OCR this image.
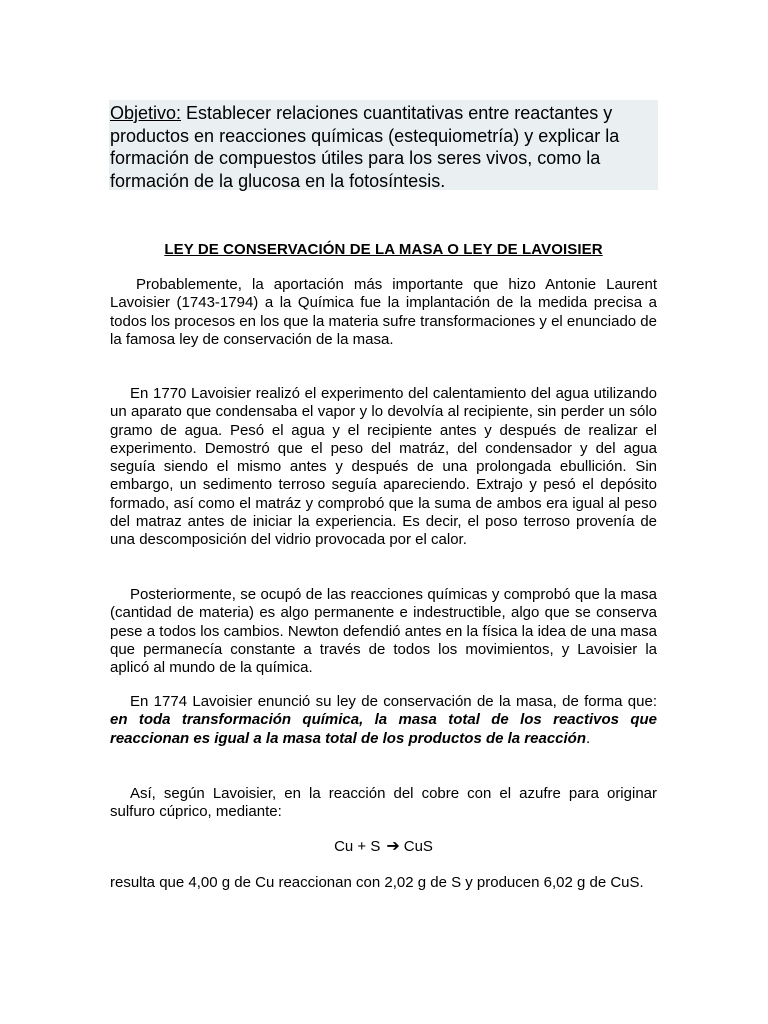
Objetivo: Establecer relaciones cuantitativas entre reactantes y productos en reacciones químicas (estequiometría) y explicar la formación de compuestos útiles para los seres vivos, como la formación de la glucosa en la fotosíntesis.
LEY DE CONSERVACIÓN DE LA MASA O LEY DE LAVOISIER
Probablemente, la aportación más importante que hizo Antonie Laurent Lavoisier (1743-1794) a la Química fue la implantación de la medida precisa a todos los procesos en los que la materia sufre transformaciones y el enunciado de la famosa ley de conservación de la masa.
En 1770 Lavoisier realizó el experimento del calentamiento del agua utilizando un aparato que condensaba el vapor y lo devolvía al recipiente, sin perder un sólo gramo de agua. Pesó el agua y el recipiente antes y después de realizar el experimento. Demostró que el peso del matráz, del condensador y del agua seguía siendo el mismo antes y después de una prolongada ebullición. Sin embargo, un sedimento terroso seguía apareciendo. Extrajo y pesó el depósito formado, así como el matráz y comprobó que la suma de ambos era igual al peso del matraz antes de iniciar la experiencia. Es decir, el poso terroso provenía de una descomposición del vidrio provocada por el calor.
Posteriormente, se ocupó de las reacciones químicas y comprobó que la masa (cantidad de materia) es algo permanente e indestructible, algo que se conserva pese a todos los cambios. Newton defendió antes en la física la idea de una masa que permanecía constante a través de todos los movimientos, y Lavoisier la aplicó al mundo de la química.
En 1774 Lavoisier enunció su ley de conservación de la masa, de forma que: en toda transformación química, la masa total de los reactivos que reaccionan es igual a la masa total de los productos de la reacción.
Así, según Lavoisier, en la reacción del cobre con el azufre para originar sulfuro cúprico, mediante:
Cu + S ➔ CuS
resulta que 4,00 g de Cu reaccionan con 2,02 g de S y producen 6,02 g de CuS.
